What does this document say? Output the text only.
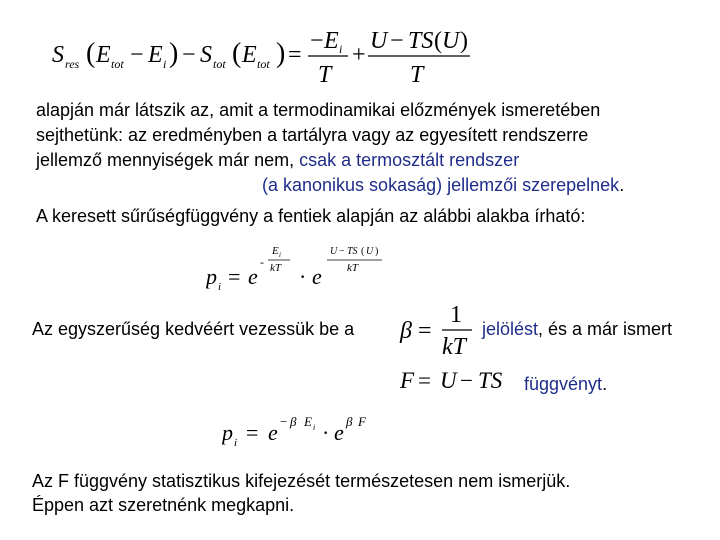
S res ( E tot − E i ) − S tot ( E tot ) =
− E i
T
+
U − TS ( U )
T
alapján már látszik az, amit a termodinamikai előzmények ismeretében
sejthetünk: az eredményben a tartályra vagy az egyesített rendszerre
jellemző mennyiségek már nem, csak a termosztált rendszer
(a kanonikus sokaság) jellemzői szerepelnek.
A keresett sűrűségfüggvény a fentiek alapján az alábbi alakba írható:
p i = e
-
E i
kT · e
U − TS ( U )
kT
Az egyszerűség kedvéért vezessük be a β =
1
kT
jelölést, és a már ismert
F = U − TS függvényt.
p i = e − β E i · e β F
Az F függvény statisztikus kifejezését természetesen nem ismerjük.
Éppen azt szeretnénk megkapni.
